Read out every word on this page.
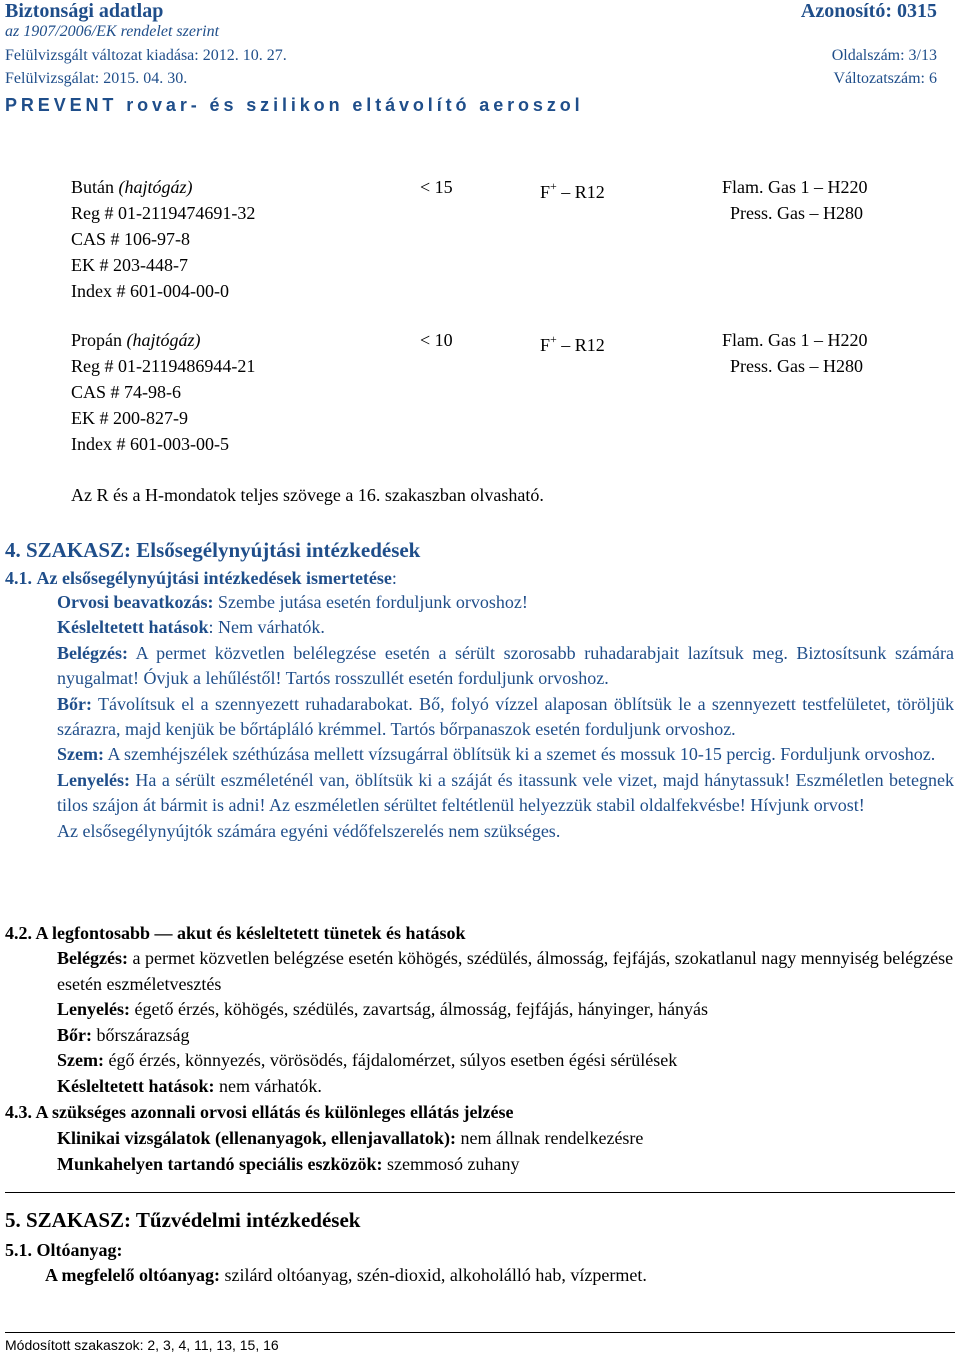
Biztonsági adatlap	Azonosító: 0315
az 1907/2006/EK rendelet szerint
Felülvizsgált változat kiadása: 2012. 10. 27.	Oldalszám: 3/13
Felülvizsgálat: 2015. 04. 30.	Változatszám: 6
PREVENT rovar- és szilikon eltávolító aeroszol
Bután (hajtógáz)	< 15	F+ – R12	Flam. Gas 1 – H220
Press. Gas – H280
Reg # 01-2119474691-32
CAS # 106-97-8
EK # 203-448-7
Index # 601-004-00-0
Propán (hajtógáz)	< 10	F+ – R12	Flam. Gas 1 – H220
Press. Gas – H280
Reg # 01-2119486944-21
CAS # 74-98-6
EK # 200-827-9
Index # 601-003-00-5
Az R és a H-mondatok teljes szövege a 16. szakaszban olvasható.
4. SZAKASZ: Elsősegélynyújtási intézkedések
4.1. Az elsősegélynyújtási intézkedések ismertetése:

Orvosi beavatkozás: Szembe jutása esetén forduljunk orvoshoz!

Késleltetett hatások: Nem várhatók.

Belégzés: A permet közvetlen belélegzése esetén a sérült szorosabb ruhadarabjait lazítsuk meg. Biztosítsunk számára nyugalmat! Óvjuk a lehűléstől! Tartós rosszullét esetén forduljunk orvoshoz.

Bőr: Távolítsuk el a szennyezett ruhadarabokat. Bő, folyó vízzel alaposan öblítsük le a szennyezett testfelületet, töröljük szárazra, majd kenjük be bőrtápláló krémmel. Tartós bőrpanaszok esetén forduljunk orvoshoz.

Szem: A szemhéjszélek széthúzása mellett vízsugárral öblítsük ki a szemet és mossuk 10-15 percig. Forduljunk orvoshoz.

Lenyelés: Ha a sérült eszméleténél van, öblítsük ki a száját és itassunk vele vizet, majd hánytassuk! Eszméletlen betegnek tilos szájon át bármit is adni! Az eszméletlen sérültet feltétlenül helyezzük stabil oldalfekvésbe! Hívjunk orvost!

Az elsősegélynyújtók számára egyéni védőfelszerelés nem szükséges.

4.2. A legfontosabb — akut és késleltetett tünetek és hatások

Belégzés: a permet közvetlen belégzése esetén köhögés, szédülés, álmosság, fejfájás, szokatlanul nagy mennyiség belégzése esetén eszméletvesztés

Lenyelés: égető érzés, köhögés, szédülés, zavartság, álmosság, fejfájás, hányinger, hányás

Bőr: bőrszárazság

Szem: égő érzés, könnyezés, vörösödés, fájdalomérzet, súlyos esetben égési sérülések

Késleltetett hatások: nem várhatók.

4.3. A szükséges azonnali orvosi ellátás és különleges ellátás jelzése

Klinikai vizsgálatok (ellenanyagok, ellenjavallatok): nem állnak rendelkezésre

Munkahelyen tartandó speciális eszközök: szemmosó zuhany

5. SZAKASZ: Tűzvédelmi intézkedések
5.1. Oltóanyag:

A megfelelő oltóanyag: szilárd oltóanyag, szén-dioxid, alkoholálló hab, vízpermet.

Módosított szakaszok: 2, 3, 4, 11, 13, 15, 16
